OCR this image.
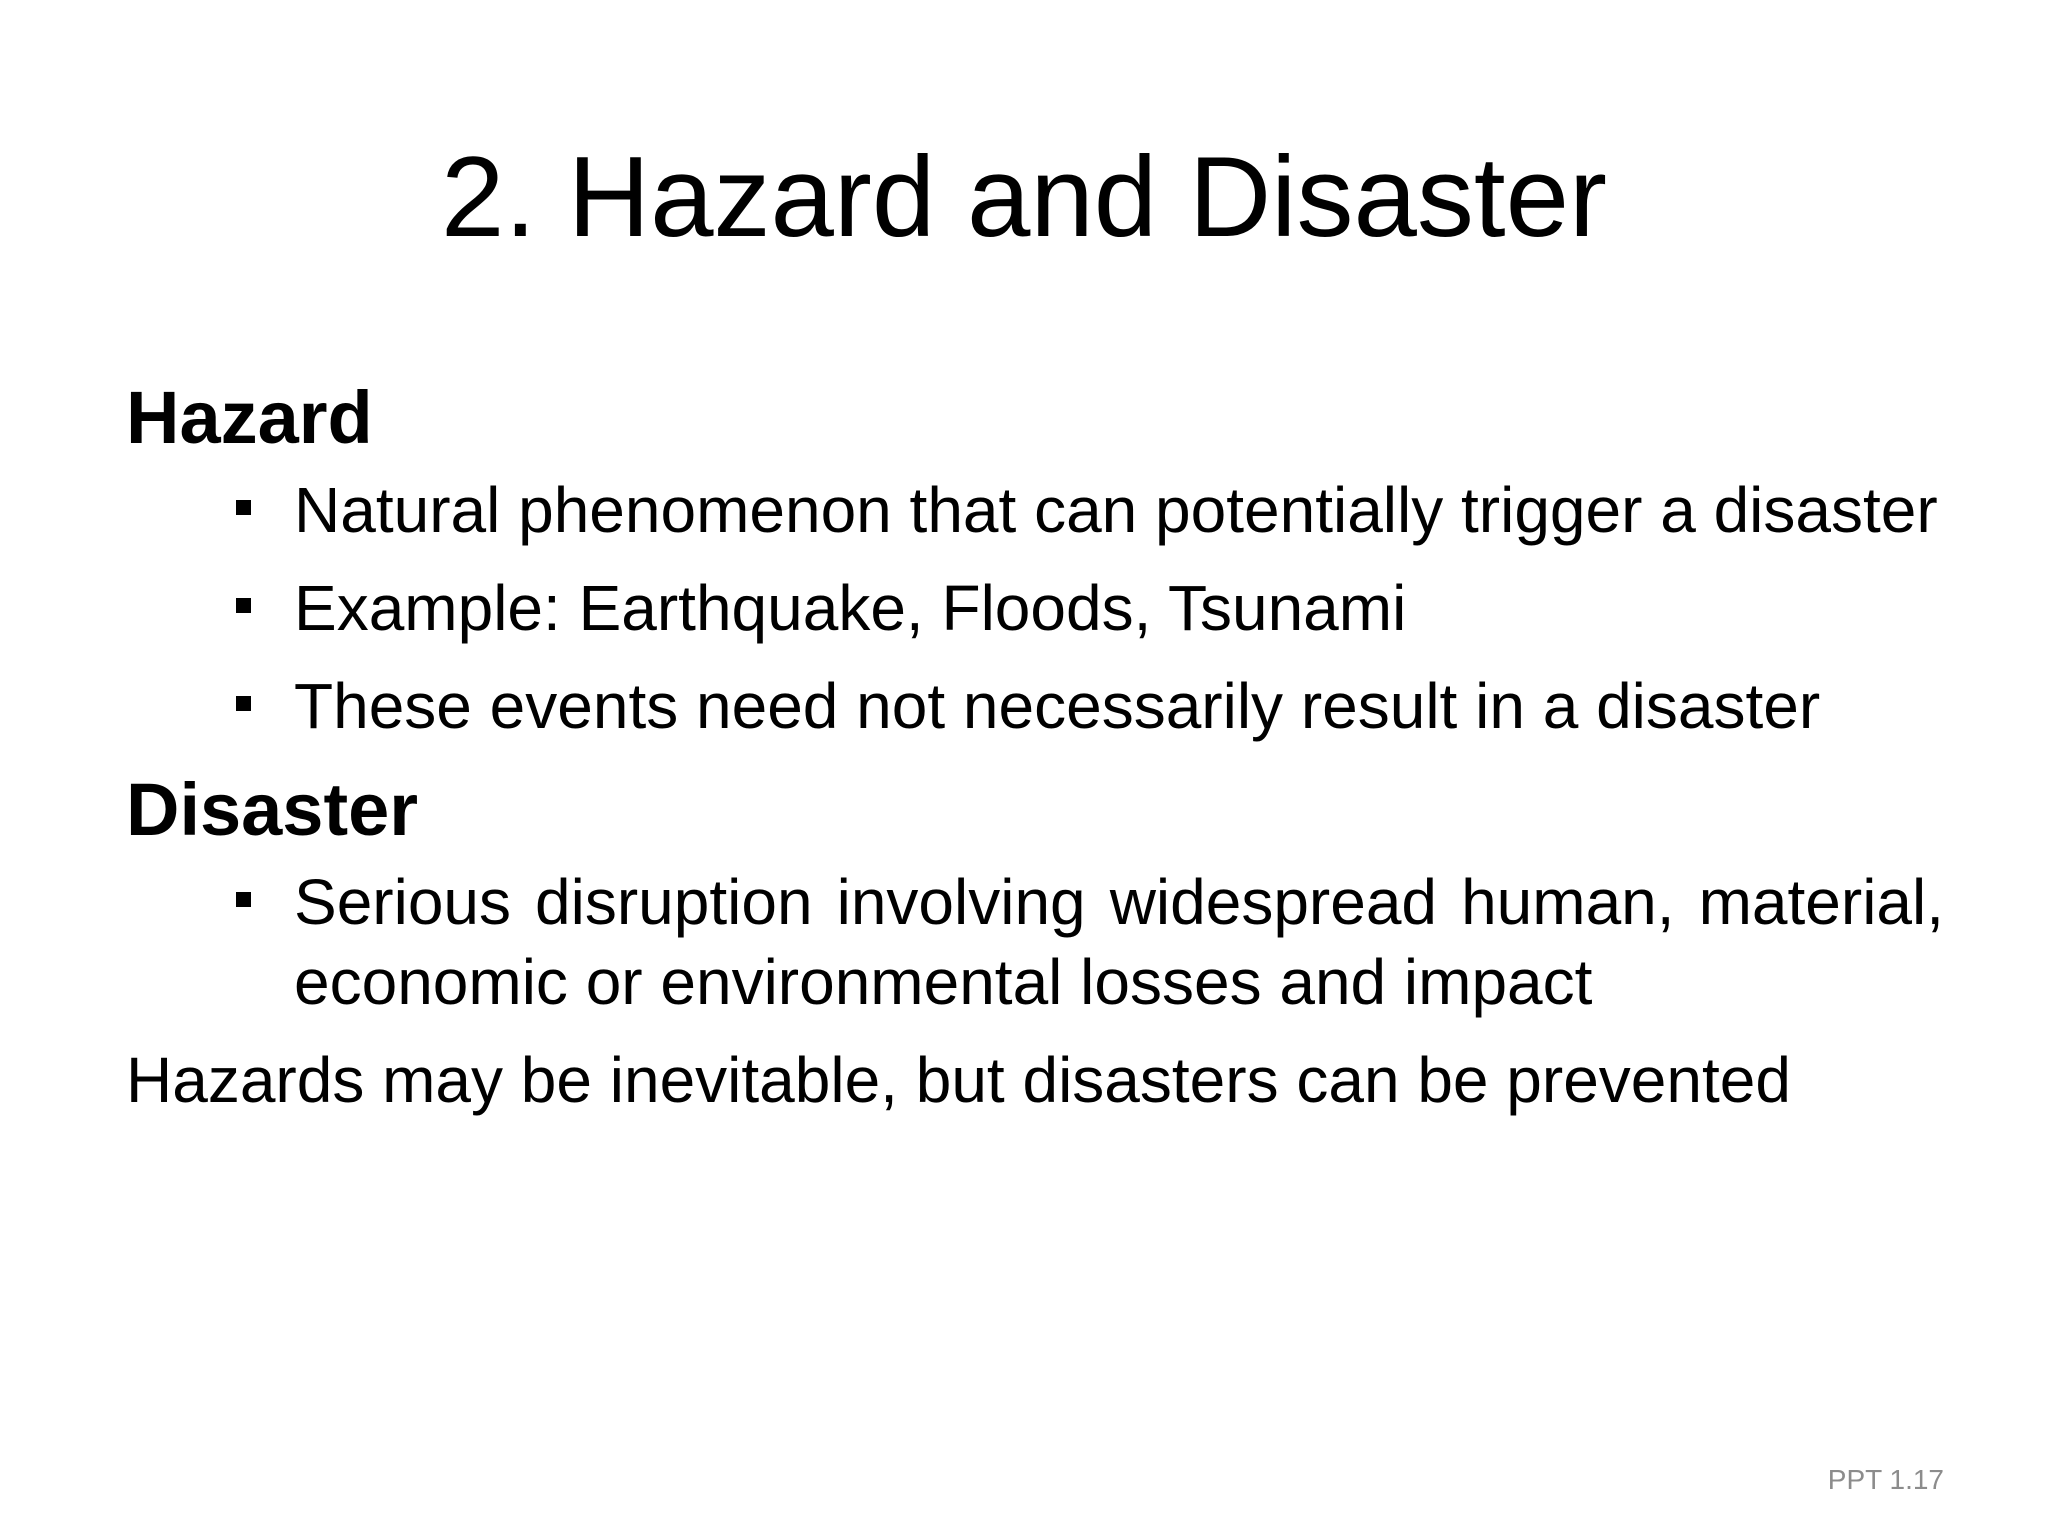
2. Hazard and Disaster
Hazard
Natural phenomenon that can potentially trigger a disaster
Example: Earthquake, Floods, Tsunami
These events need not necessarily result in a disaster
Disaster
Serious disruption involving widespread human, material, economic or environmental losses and impact

Hazards may be inevitable, but disasters can be prevented

PPT 1.17
